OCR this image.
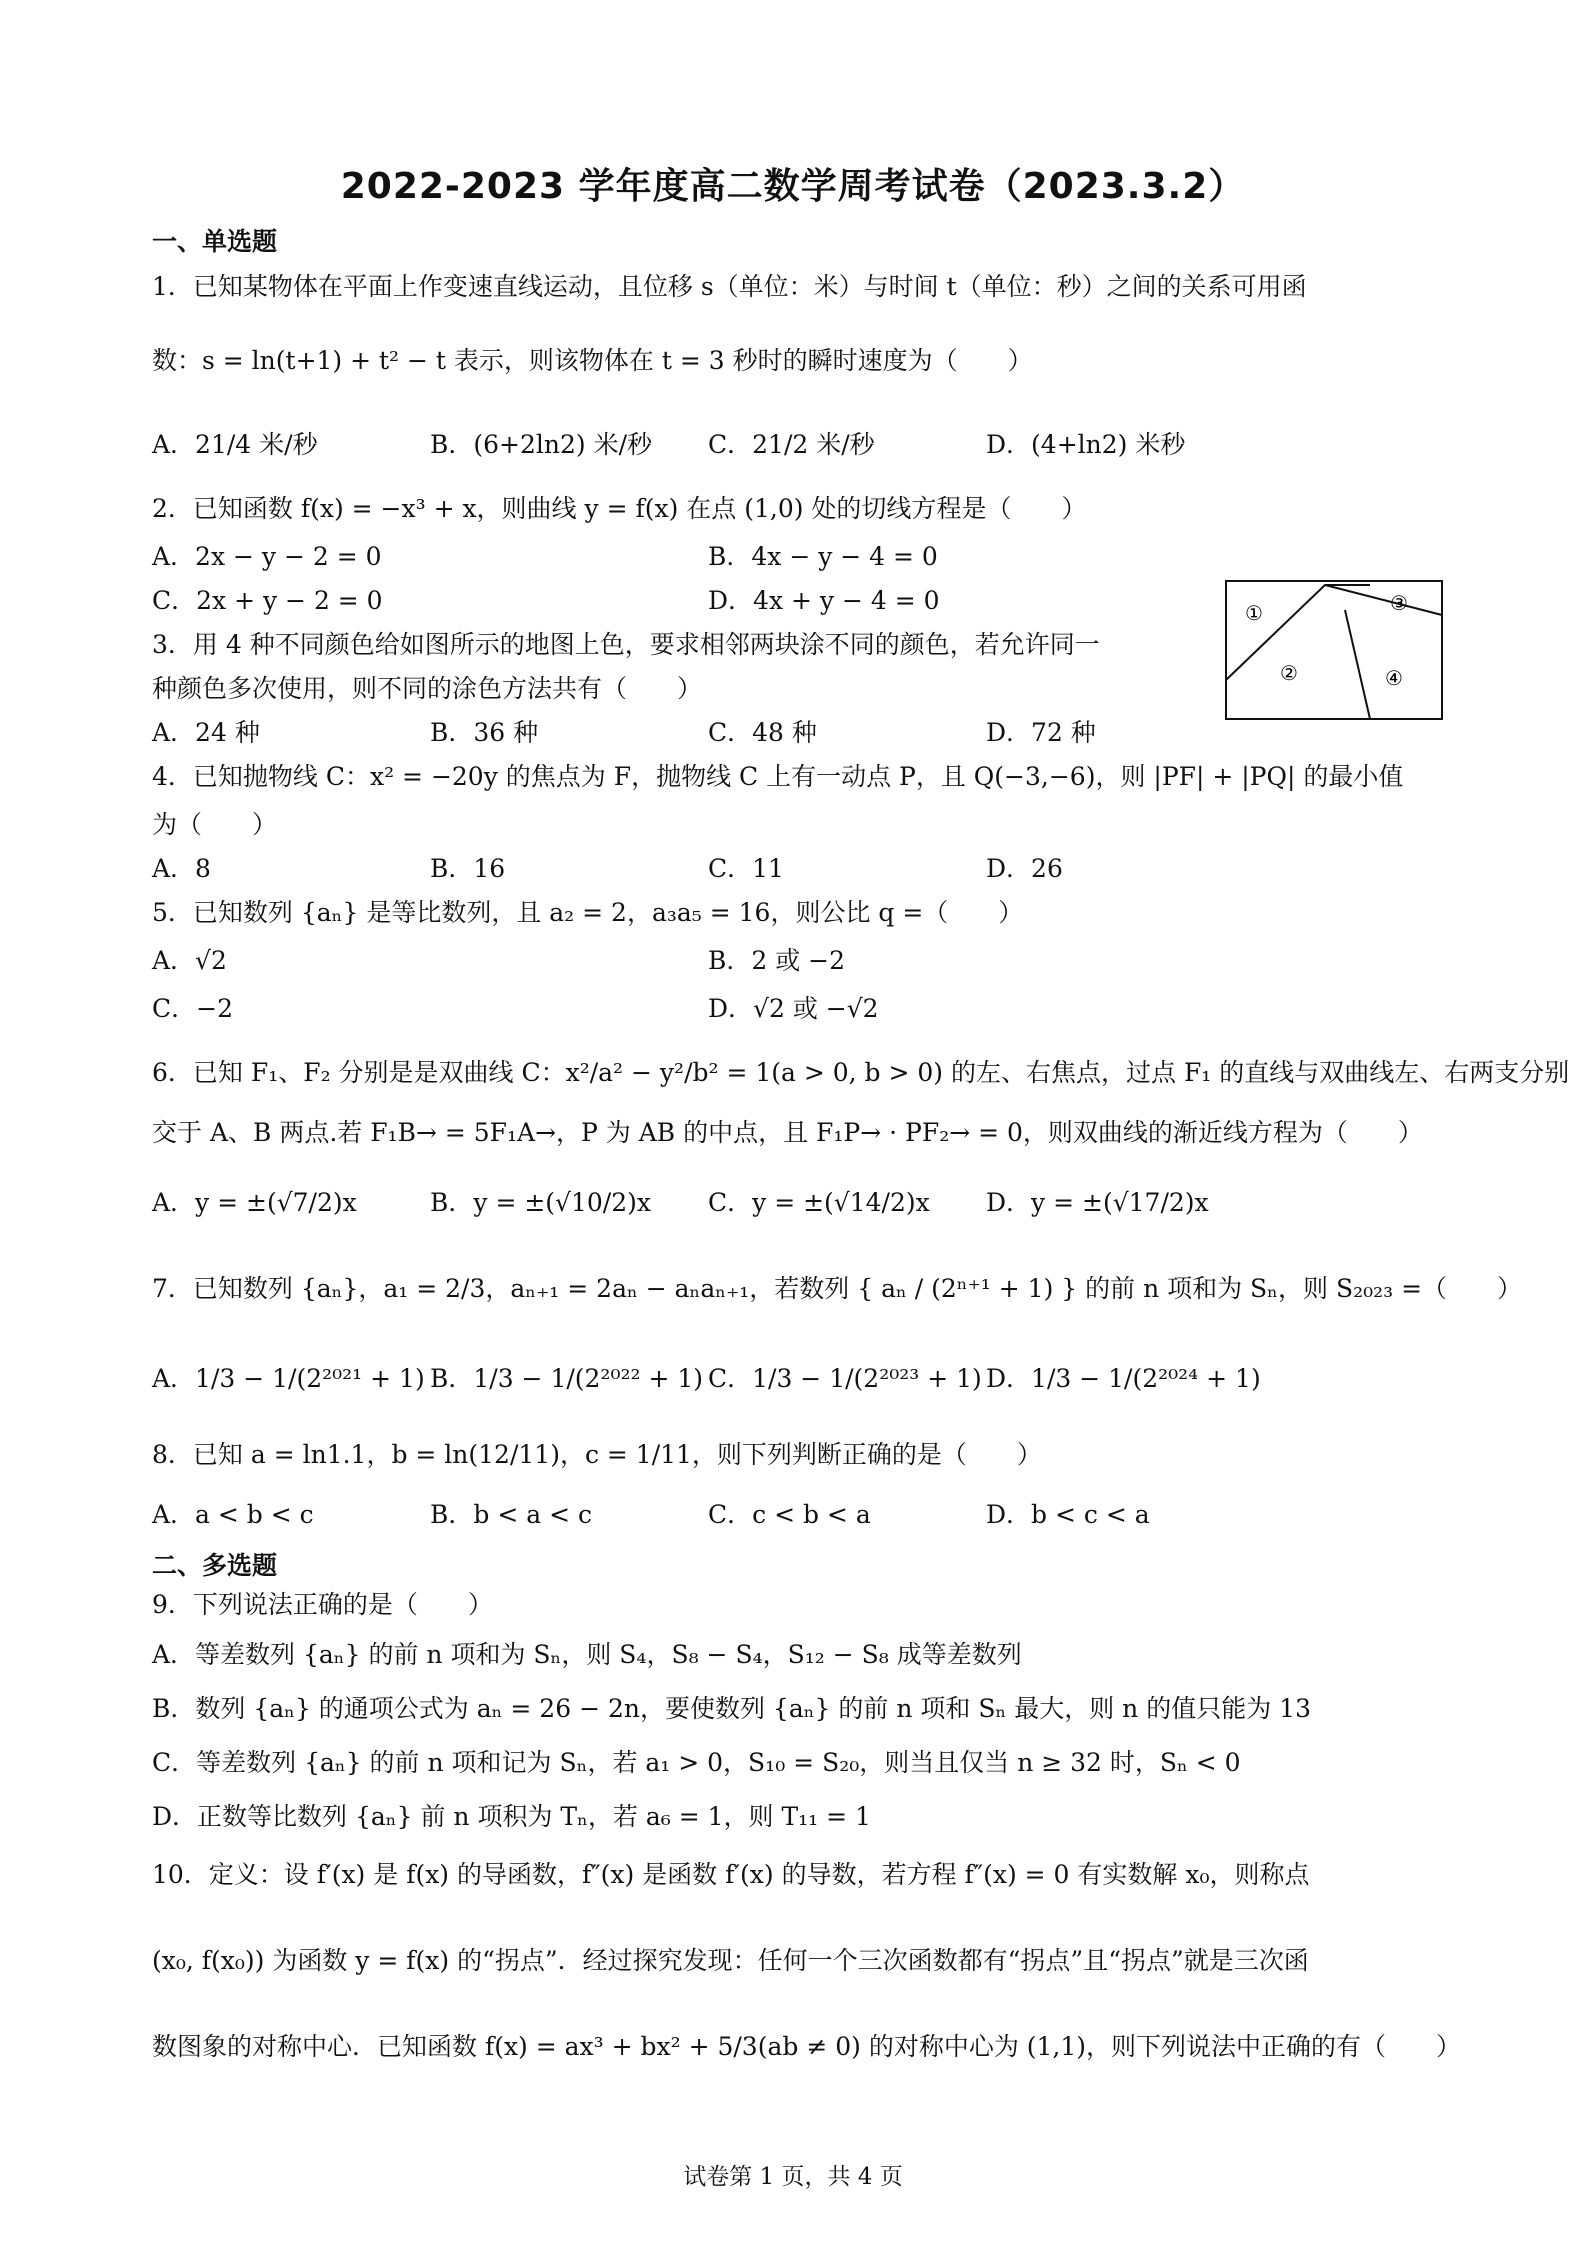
2022-2023 学年度高二数学周考试卷（2023.3.2）
一、单选题
1．已知某物体在平面上作变速直线运动，且位移 s（单位：米）与时间 t（单位：秒）之间的关系可用函
数：s = ln(t+1) + t² − t 表示，则该物体在 t = 3 秒时的瞬时速度为（　　）
A．21/4 米/秒	B．(6+2ln2) 米/秒 C．21/2 米/秒	D．(4+ln2) 米秒
2．已知函数 f(x) = −x³ + x，则曲线 y = f(x) 在点 (1,0) 处的切线方程是（　　）
A．2x − y − 2 = 0	B．4x − y − 4 = 0
C．2x + y − 2 = 0	D．4x + y − 4 = 0	①
②
③
④
3．用 4 种不同颜色给如图所示的地图上色，要求相邻两块涂不同的颜色，若允许同一
种颜色多次使用，则不同的涂色方法共有（　　）
A．24 种	B．36 种	C．48 种	D．72 种
4．已知抛物线 C：x² = −20y 的焦点为 F，抛物线 C 上有一动点 P，且 Q(−3,−6)，则 |PF| + |PQ| 的最小值
为（　　）
A．8	B．16	C．11	D．26
5．已知数列 {aₙ} 是等比数列，且 a₂ = 2，a₃a₅ = 16，则公比 q =（　　）
A．√2	B．2 或 −2
C．−2	D．√2 或 −√2
6．已知 F₁、F₂ 分别是是双曲线 C：x²/a² − y²/b² = 1(a > 0, b > 0) 的左、右焦点，过点 F₁ 的直线与双曲线左、右两支分别
交于 A、B 两点.若 F₁B→ = 5F₁A→，P 为 AB 的中点，且 F₁P→ · PF₂→ = 0，则双曲线的渐近线方程为（　　）
A．y = ±(√7/2)x	B．y = ±(√10/2)x C．y = ±(√14/2)x D．y = ±(√17/2)x
7．已知数列 {aₙ}，a₁ = 2/3，aₙ₊₁ = 2aₙ − aₙaₙ₊₁，若数列 { aₙ / (2ⁿ⁺¹ + 1) } 的前 n 项和为 Sₙ，则 S₂₀₂₃ =（　　）
A．1/3 − 1/(2²⁰²¹ + 1) B．1/3 − 1/(2²⁰²² + 1) C．1/3 − 1/(2²⁰²³ + 1) D．1/3 − 1/(2²⁰²⁴ + 1)
8．已知 a = ln1.1，b = ln(12/11)，c = 1/11，则下列判断正确的是（　　）
A．a < b < c	B．b < a < c	C．c < b < a	D．b < c < a
二、多选题
9．下列说法正确的是（　　）
A．等差数列 {aₙ} 的前 n 项和为 Sₙ，则 S₄，S₈ − S₄，S₁₂ − S₈ 成等差数列
B．数列 {aₙ} 的通项公式为 aₙ = 26 − 2n，要使数列 {aₙ} 的前 n 项和 Sₙ 最大，则 n 的值只能为 13
C．等差数列 {aₙ} 的前 n 项和记为 Sₙ，若 a₁ > 0，S₁₀ = S₂₀，则当且仅当 n ≥ 32 时，Sₙ < 0
D．正数等比数列 {aₙ} 前 n 项积为 Tₙ，若 a₆ = 1，则 T₁₁ = 1
10．定义：设 f′(x) 是 f(x) 的导函数，f″(x) 是函数 f′(x) 的导数，若方程 f″(x) = 0 有实数解 x₀，则称点
(x₀, f(x₀)) 为函数 y = f(x) 的“拐点”．经过探究发现：任何一个三次函数都有“拐点”且“拐点”就是三次函
数图象的对称中心．已知函数 f(x) = ax³ + bx² + 5/3(ab ≠ 0) 的对称中心为 (1,1)，则下列说法中正确的有（　　）
试卷第 1 页，共 4 页
